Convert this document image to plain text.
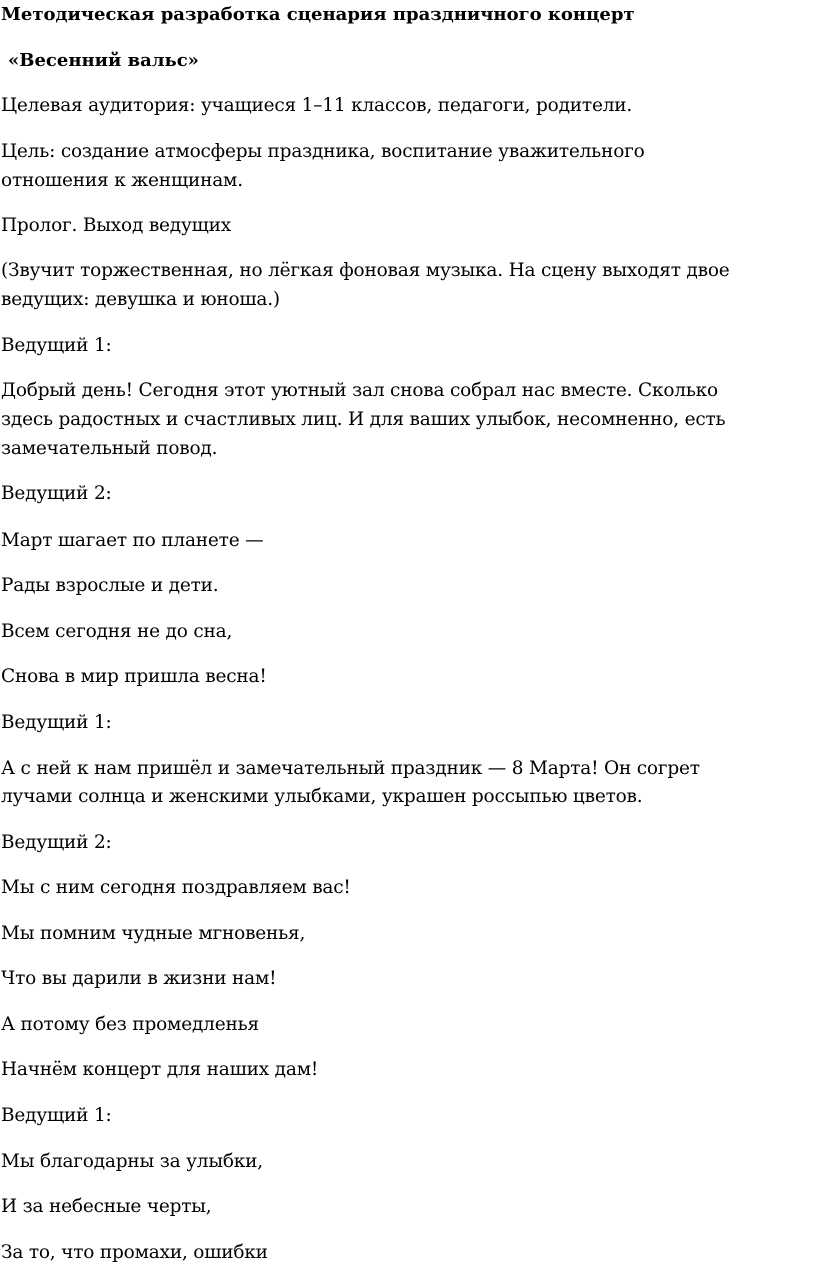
Методическая разработка сценария праздничного концерт
«Весенний вальс»
Целевая аудитория: учащиеся 1–11 классов, педагоги, родители.
Цель: создание атмосферы праздника, воспитание уважительного
отношения к женщинам.
Пролог. Выход ведущих
(Звучит торжественная, но лёгкая фоновая музыка. На сцену выходят двое
ведущих: девушка и юноша.)
Ведущий 1:
Добрый день! Сегодня этот уютный зал снова собрал нас вместе. Сколько
здесь радостных и счастливых лиц. И для ваших улыбок, несомненно, есть
замечательный повод.
Ведущий 2:
Март шагает по планете —
Рады взрослые и дети.
Всем сегодня не до сна,
Снова в мир пришла весна!
Ведущий 1:
А с ней к нам пришёл и замечательный праздник — 8 Марта! Он согрет
лучами солнца и женскими улыбками, украшен россыпью цветов.
Ведущий 2:
Мы с ним сегодня поздравляем вас!
Мы помним чудные мгновенья,
Что вы дарили в жизни нам!
А потому без промедленья
Начнём концерт для наших дам!
Ведущий 1:
Мы благодарны за улыбки,
И за небесные черты,
За то, что промахи, ошибки
